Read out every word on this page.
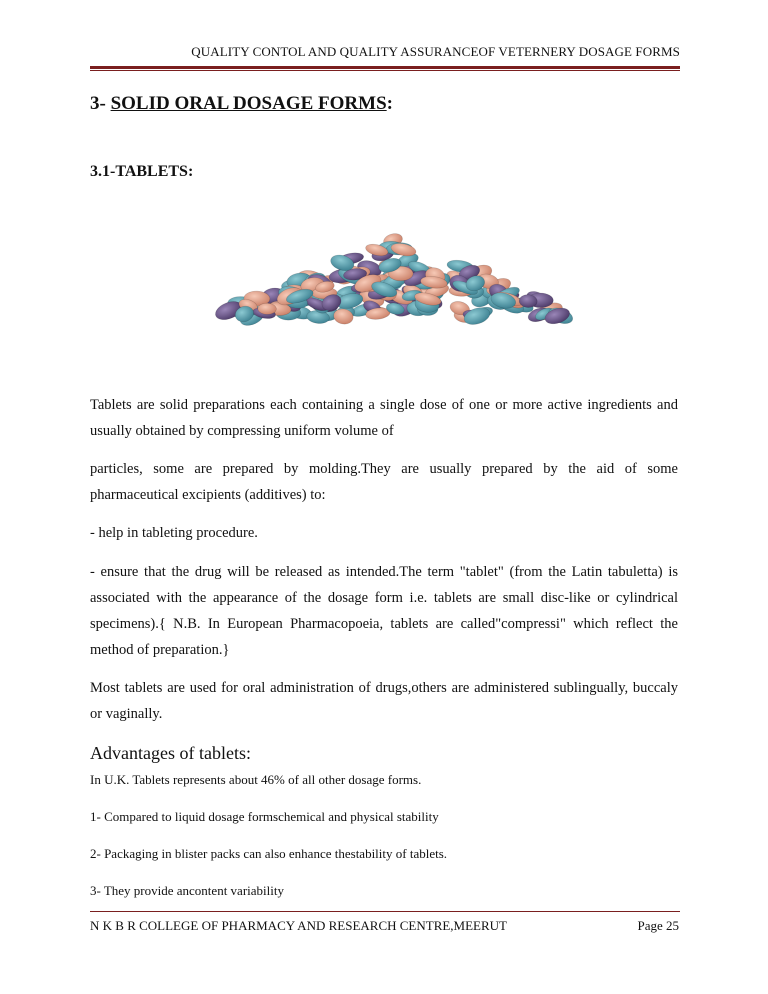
QUALITY CONTOL AND QUALITY ASSURANCEOF VETERNERY DOSAGE FORMS
3- SOLID ORAL DOSAGE FORMS:
3.1-TABLETS:

Tablets are solid preparations each containing a single dose of one or more active ingredients and usually obtained by compressing uniform volume of

particles, some are prepared by molding.They are usually prepared by the aid of some pharmaceutical excipients (additives) to:

- help in tableting procedure.

- ensure that the drug will be released as intended.The term "tablet" (from the Latin tabuletta) is associated with the appearance of the dosage form i.e. tablets are small disc-like or cylindrical specimens).{ N.B. In European Pharmacopoeia, tablets are called"compressi" which reflect the method of preparation.}

Most tablets are used for oral administration of drugs,others are administered sublingually, buccaly or vaginally.

Advantages of tablets:

In U.K. Tablets represents about 46% of all other dosage forms.

1- Compared to liquid dosage formschemical and physical stability

2- Packaging in blister packs can also enhance thestability of tablets.

3- They provide ancontent variability

N K B R COLLEGE OF PHARMACY AND RESEARCH CENTRE,MEERUT	Page 25
